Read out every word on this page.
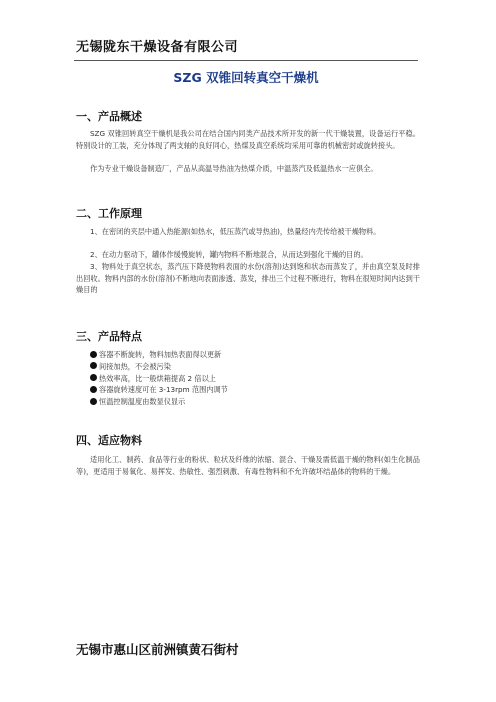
无锡陇东干燥设备有限公司
SZG 双锥回转真空干燥机
一、产品概述

SZG 双锥回转真空干燥机是我公司在结合国内同类产品技术所开发的新一代干燥装置，设备运行平稳。特别设计的工装，充分体现了两支轴的良好同心，热煤及真空系统均采用可靠的机械密封或旋转接头。

作为专业干燥设备制造厂，产品从高温导热油为热煤介质，中温蒸汽及低温热水一应俱全。

二、工作原理

1、在密闭的夹层中通入热能源(如热水，低压蒸汽或导热油)，热量经内壳传给被干燥物料。

2、在动力驱动下，罐体作缓慢旋转，罐内物料不断地混合，从而达到强化干燥的目的。

3、物料处于真空状态，蒸汽压下降使物料表面的水份(溶剂)达到饱和状态而蒸发了，并由真空泵及时排出回收。物料内部的水份(溶剂)不断地向表面渗透、蒸发，排出三个过程不断进行，物料在很短时间内达到干燥目的

三、产品特点
容器不断旋转，物料加热表面得以更新
间接加热，不会被污染
热效率高，比一般烘箱提高 2 倍以上
容器旋转速度可在 3-13rpm 范围内调节
恒温控制温度由数显仪显示
四、适应物料

适用化工、制药、食品等行业的粉状、粒状及纤维的浓缩、混合、干燥及需低温干燥的物料(如生化制品等)，更适用于易氧化、易挥发、热敏性、强烈刺激、有毒性物料和不允许破坏结晶体的物料的干燥。

无锡市惠山区前洲镇黄石街村
